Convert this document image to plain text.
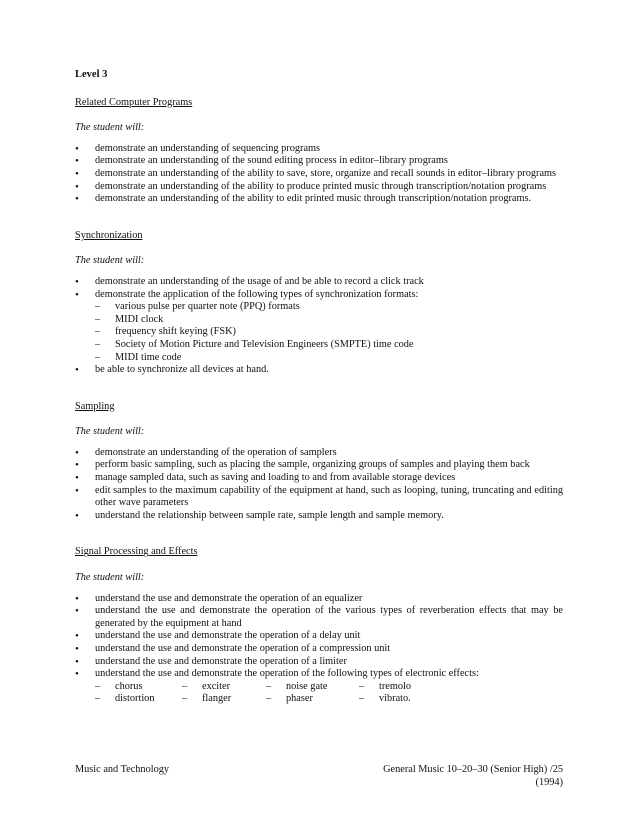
Level 3

Related Computer Programs

The student will:

• demonstrate an understanding of sequencing programs
• demonstrate an understanding of the sound editing process in editor–library programs
• demonstrate an understanding of the ability to save, store, organize and recall sounds in editor–library programs
• demonstrate an understanding of the ability to produce printed music through transcription/notation programs
• demonstrate an understanding of the ability to edit printed music through transcription/notation programs.

Synchronization

The student will:

• demonstrate an understanding of the usage of and be able to record a click track
• demonstrate the application of the following types of synchronization formats:
– various pulse per quarter note (PPQ) formats
– MIDI clock
– frequency shift keying (FSK)
– Society of Motion Picture and Television Engineers (SMPTE) time code
– MIDI time code
• be able to synchronize all devices at hand.

Sampling

The student will:

• demonstrate an understanding of the operation of samplers
• perform basic sampling, such as placing the sample, organizing groups of samples and playing them back
• manage sampled data, such as saving and loading to and from available storage devices
• edit samples to the maximum capability of the equipment at hand, such as looping, tuning, truncating and editing other wave parameters
• understand the relationship between sample rate, sample length and sample memory.

Signal Processing and Effects

The student will:

• understand the use and demonstrate the operation of an equalizer
• understand the use and demonstrate the operation of the various types of reverberation effects that may be generated by the equipment at hand
• understand the use and demonstrate the operation of a delay unit
• understand the use and demonstrate the operation of a compression unit
• understand the use and demonstrate the operation of a limiter
• understand the use and demonstrate the operation of the following types of electronic effects:
– chorus	– exciter	– noise gate	– tremolo
– distortion	– flanger	– phaser	– vibrato.
Music and Technology	General Music 10–20–30 (Senior High) /25
(1994)
